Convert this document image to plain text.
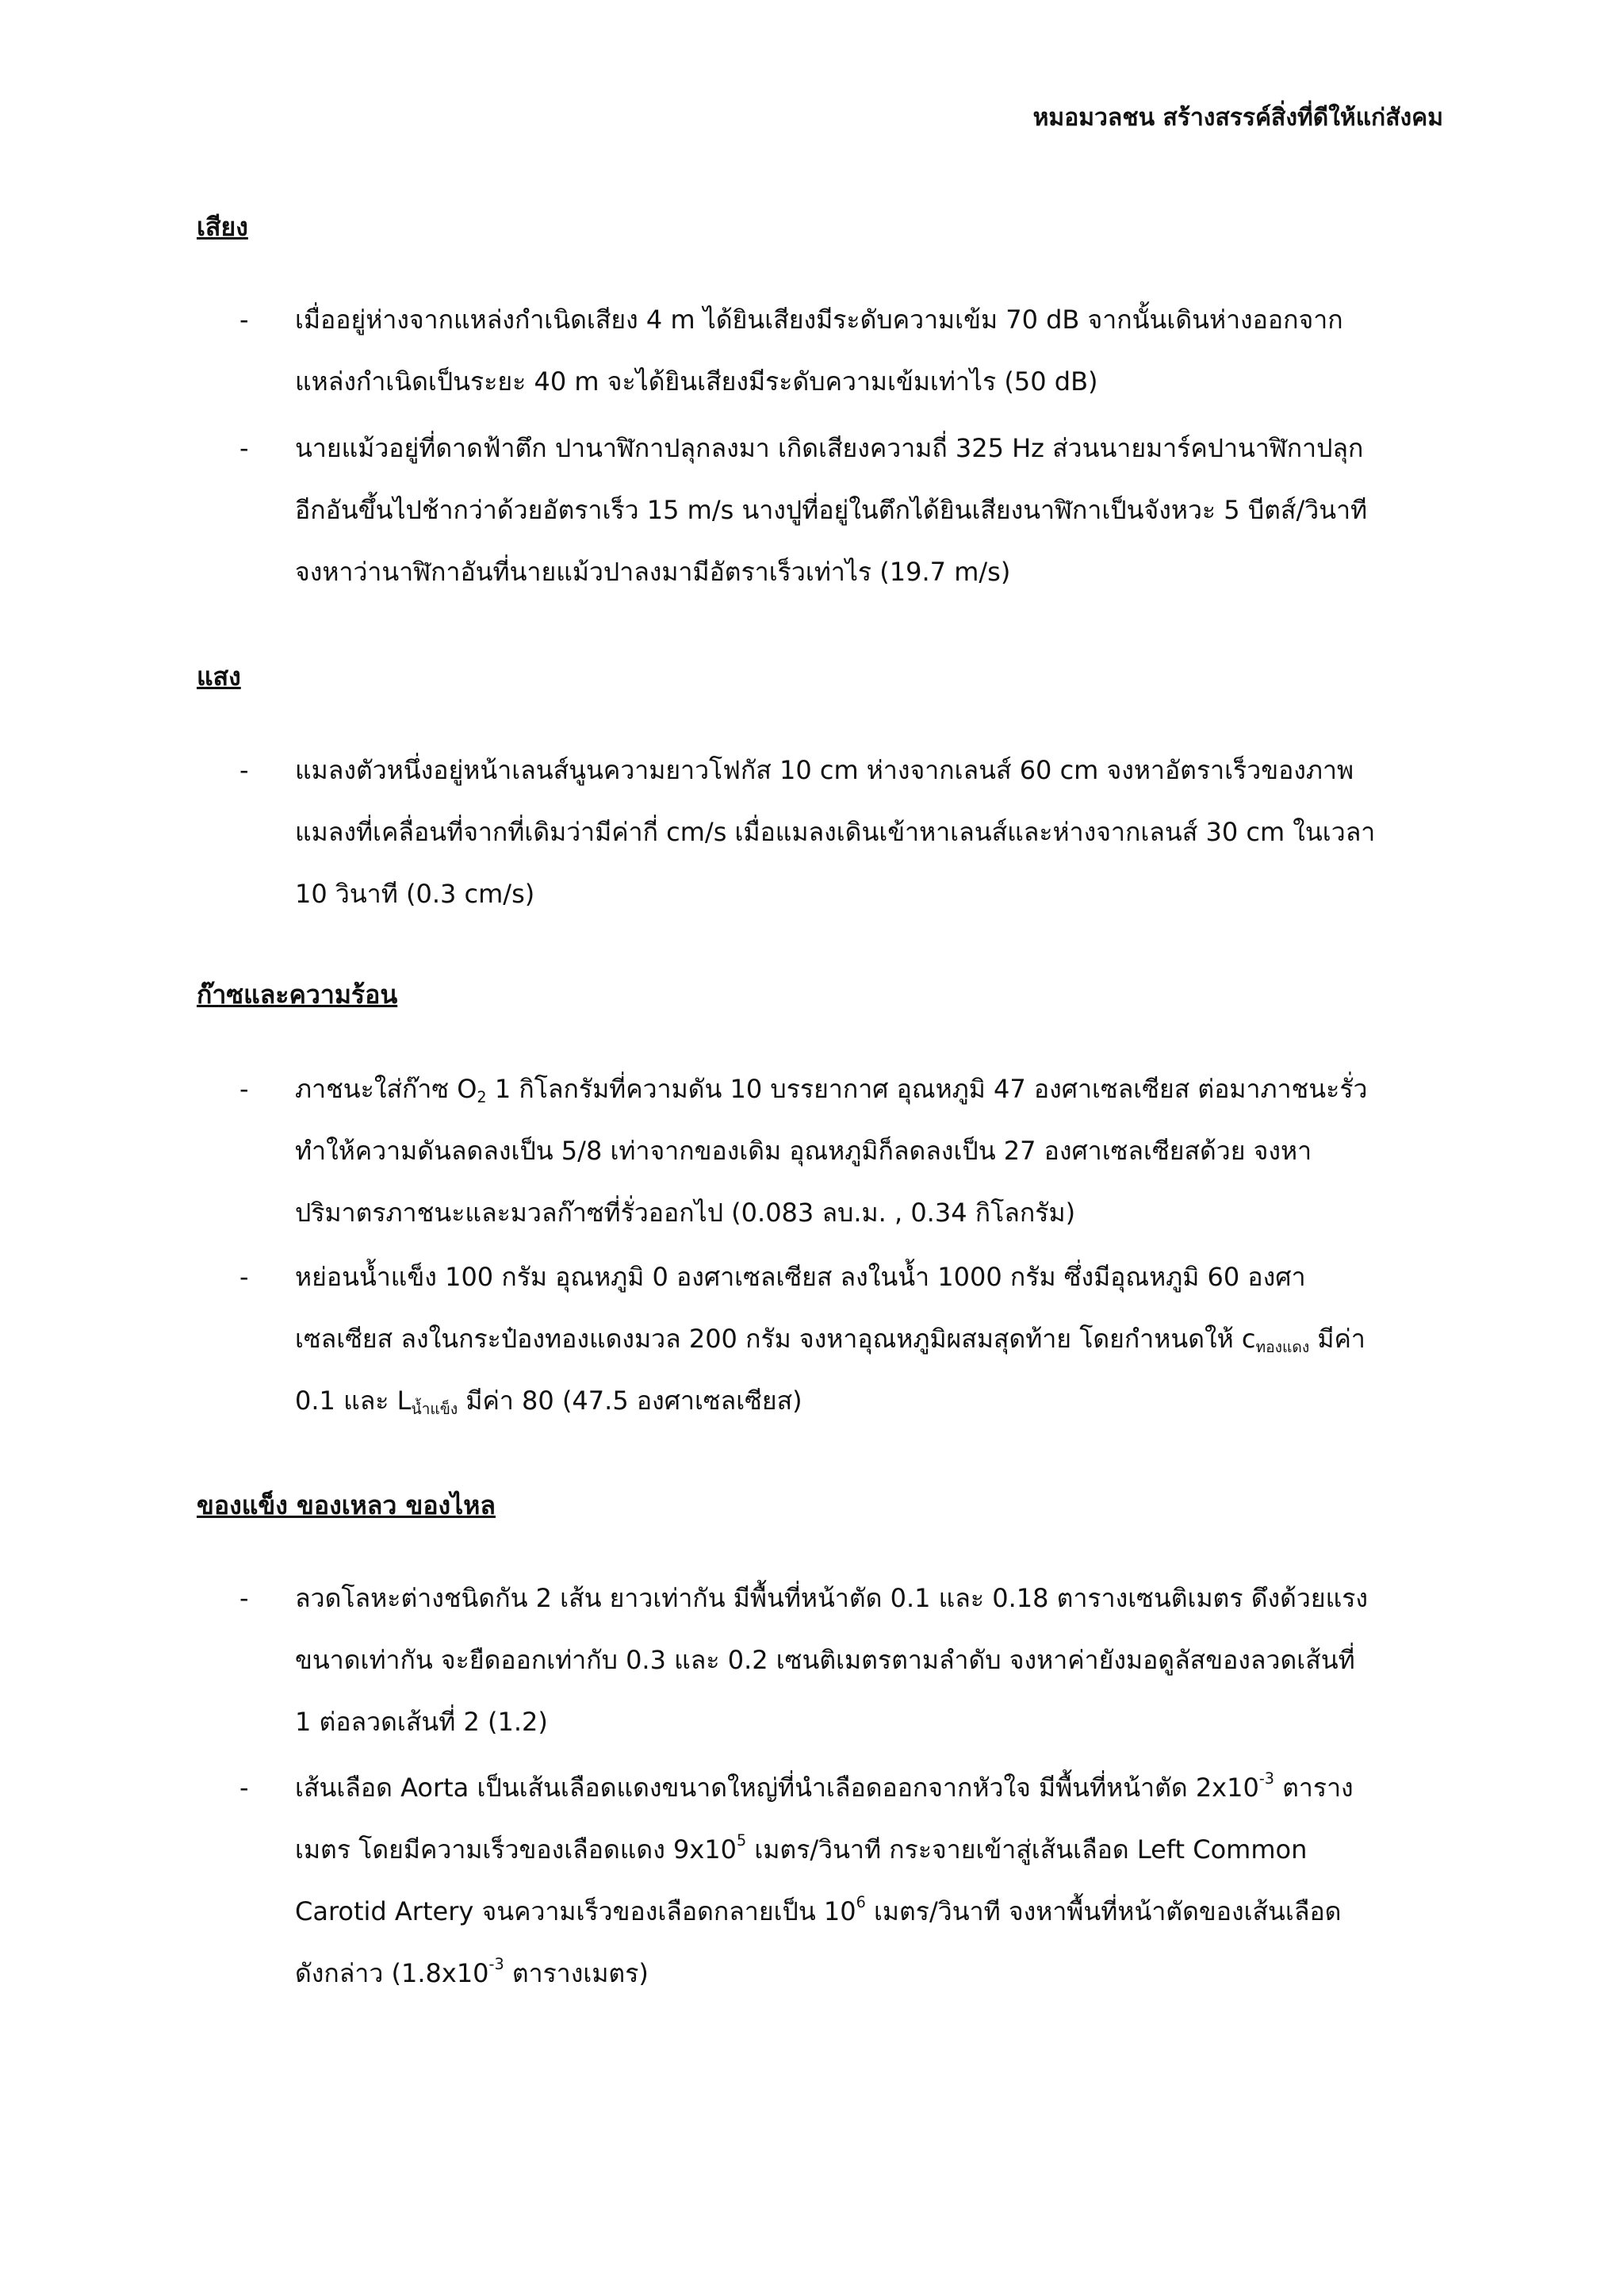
หมอมวลชน สร้างสรรค์สิ่งที่ดีให้แก่สังคม
เสียง
- เมื่ออยู่ห่างจากแหล่งกำเนิดเสียง 4 m ได้ยินเสียงมีระดับความเข้ม 70 dB จากนั้นเดินห่างออกจาก
แหล่งกำเนิดเป็นระยะ 40 m จะได้ยินเสียงมีระดับความเข้มเท่าไร (50 dB)
- นายแม้วอยู่ที่ดาดฟ้าตึก ปานาฬิกาปลุกลงมา เกิดเสียงความถี่ 325 Hz ส่วนนายมาร์คปานาฬิกาปลุก
อีกอันขึ้นไปช้ากว่าด้วยอัตราเร็ว 15 m/s นางปูที่อยู่ในตึกได้ยินเสียงนาฬิกาเป็นจังหวะ 5 บีตส์/วินาที
จงหาว่านาฬิกาอันที่นายแม้วปาลงมามีอัตราเร็วเท่าไร (19.7 m/s)
แสง
- แมลงตัวหนึ่งอยู่หน้าเลนส์นูนความยาวโฟกัส 10 cm ห่างจากเลนส์ 60 cm จงหาอัตราเร็วของภาพ
แมลงที่เคลื่อนที่จากที่เดิมว่ามีค่ากี่ cm/s เมื่อแมลงเดินเข้าหาเลนส์และห่างจากเลนส์ 30 cm ในเวลา
10 วินาที (0.3 cm/s)
ก๊าซและความร้อน
- ภาชนะใส่ก๊าซ $O_2$ 1 กิโลกรัมที่ความดัน 10 บรรยากาศ อุณหภูมิ 47 องศาเซลเซียส ต่อมาภาชนะรั่ว
ทำให้ความดันลดลงเป็น 5/8 เท่าจากของเดิม อุณหภูมิก็ลดลงเป็น 27 องศาเซลเซียสด้วย จงหา
ปริมาตรภาชนะและมวลก๊าซที่รั่วออกไป (0.083 ลบ.ม. , 0.34 กิโลกรัม)
- หย่อนน้ำแข็ง 100 กรัม อุณหภูมิ 0 องศาเซลเซียส ลงในน้ำ 1000 กรัม ซึ่งมีอุณหภูมิ 60 องศา
เซลเซียส ลงในกระป๋องทองแดงมวล 200 กรัม จงหาอุณหภูมิผสมสุดท้าย โดยกำหนดให้ $c_{ทองแดง}$ มีค่า
0.1 และ $L_{น้ำแข็ง}$ มีค่า 80 (47.5 องศาเซลเซียส)
ของแข็ง ของเหลว ของไหล
- ลวดโลหะต่างชนิดกัน 2 เส้น ยาวเท่ากัน มีพื้นที่หน้าตัด 0.1 และ 0.18 ตารางเซนติเมตร ดึงด้วยแรง
ขนาดเท่ากัน จะยืดออกเท่ากับ 0.3 และ 0.2 เซนติเมตรตามลำดับ จงหาค่ายังมอดูลัสของลวดเส้นที่
1 ต่อลวดเส้นที่ 2 (1.2)
- เส้นเลือด Aorta เป็นเส้นเลือดแดงขนาดใหญ่ที่นำเลือดออกจากหัวใจ มีพื้นที่หน้าตัด $2x10^{-3}$ ตาราง
เมตร โดยมีความเร็วของเลือดแดง $9x10^5$ เมตร/วินาที กระจายเข้าสู่เส้นเลือด Left Common
Carotid Artery จนความเร็วของเลือดกลายเป็น $10^6$ เมตร/วินาที จงหาพื้นที่หน้าตัดของเส้นเลือด
ดังกล่าว ($1.8x10^{-3}$ ตารางเมตร)
